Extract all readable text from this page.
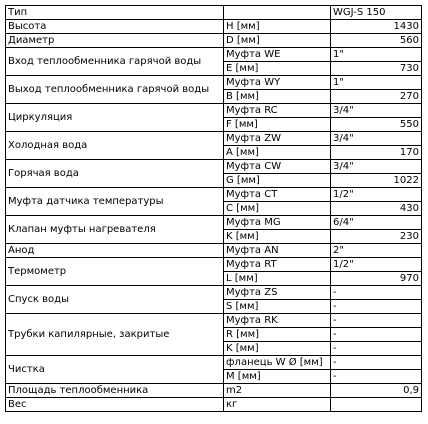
Тип		WGJ-S 150
Высота	H [мм]	1430
Диаметр	D [мм]	560
Вход теплообменника гарячой воды	Муфта WE	1"
	E [мм]	730
Выход теплообменника гарячой воды	Муфта WY	1"
	B [мм]	270
Циркуляция	Муфта RC	3/4"
	F [мм]	550
Холодная вода	Муфта ZW	3/4"
	A [мм]	170
Горячая вода	Муфта CW	3/4"
	G [мм]	1022
Муфта датчика температуры	Муфта CT	1/2"
	C [мм]	430
Клапан муфты нагревателя	Муфта MG	6/4"
	K [мм]	230
Анод	Муфта AN	2"
Термометр	Муфта RT	1/2"
	L [мм]	970
Спуск воды	Муфта ZS	-
	S [мм]	-
Трубки капилярные, закритые	Муфта RK	-
	R [мм]	-
	K [мм]	-
Чистка	фланець W Ø [мм]	-
	M [мм]	-
Площадь теплообменника	m2	0,9
Вес	кг	
